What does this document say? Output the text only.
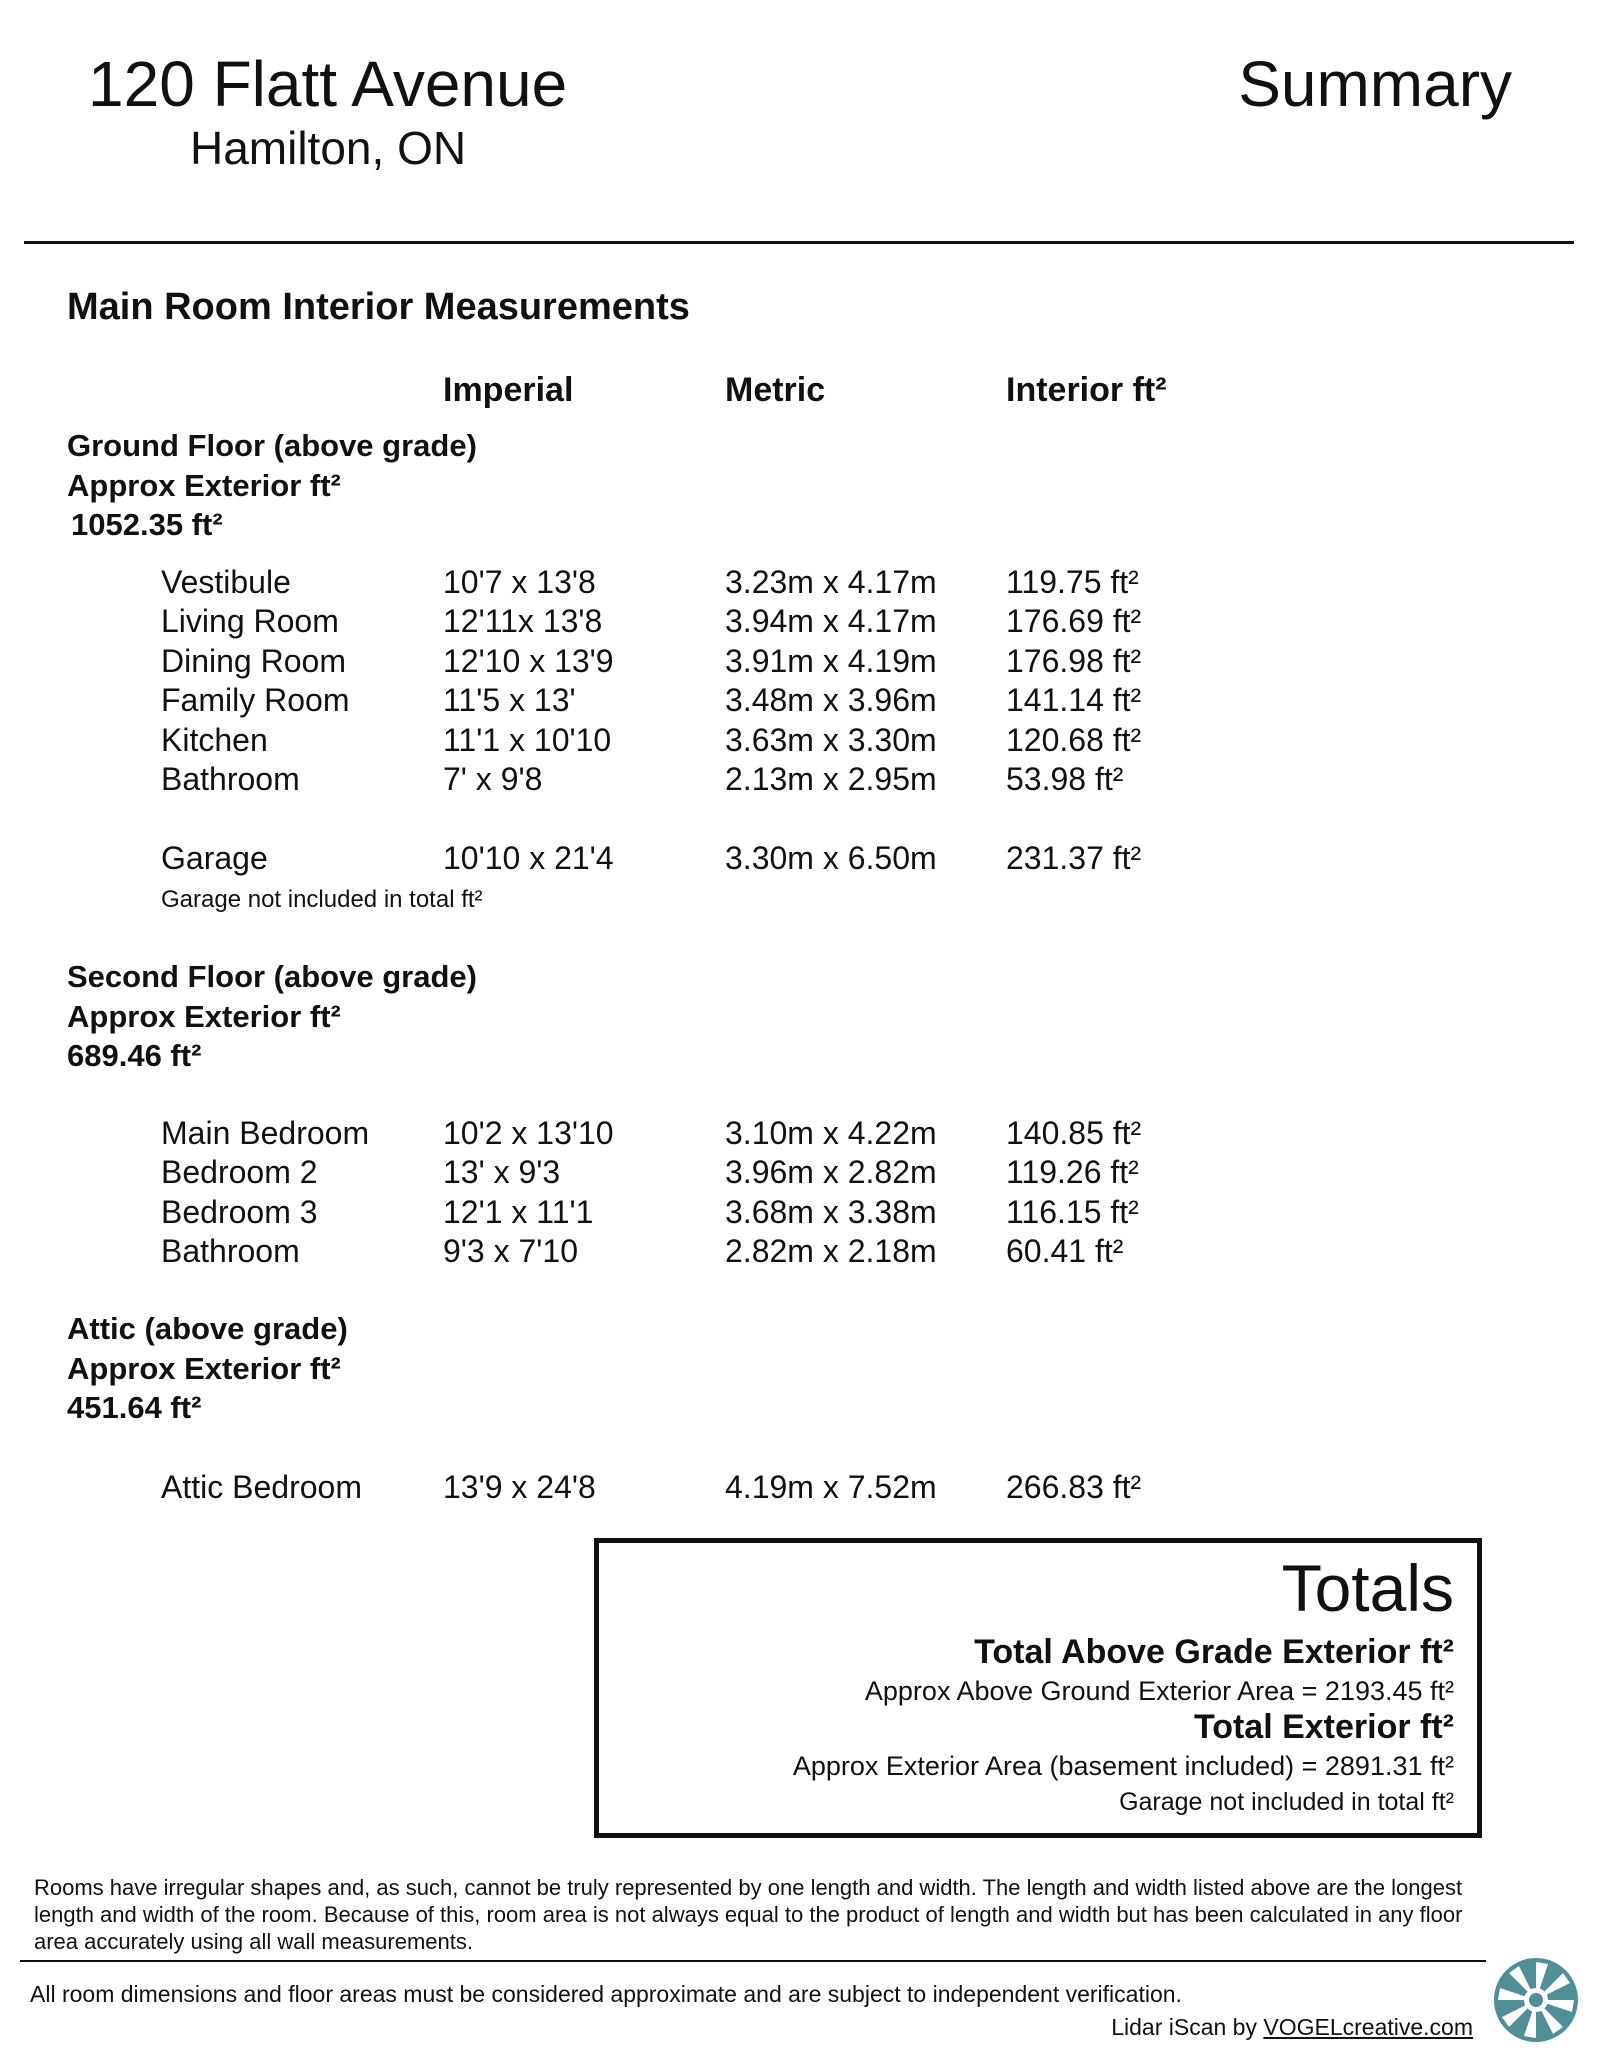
120 Flatt Avenue
Hamilton, ON
Summary
Main Room Interior Measurements
Imperial	Metric	Interior ft²
Ground Floor (above grade)
Approx Exterior ft²
1052.35 ft²
Vestibule	10'7 x 13'8	3.23m x 4.17m 119.75 ft²
Living Room	12'11x 13'8	3.94m x 4.17m 176.69 ft²
Dining Room	12'10 x 13'9	3.91m x 4.19m 176.98 ft²
Family Room	11'5 x 13'	3.48m x 3.96m 141.14 ft²
Kitchen	11'1 x 10'10	3.63m x 3.30m 120.68 ft²
Bathroom	7' x 9'8	2.13m x 2.95m 53.98 ft²
Garage	10'10 x 21'4	3.30m x 6.50m 231.37 ft²
Garage not included in total ft²
Second Floor (above grade)
Approx Exterior ft²
689.46 ft²
Main Bedroom 10'2 x 13'10	3.10m x 4.22m 140.85 ft²
Bedroom 2	13' x 9'3	3.96m x 2.82m 119.26 ft²
Bedroom 3	12'1 x 11'1	3.68m x 3.38m 116.15 ft²
Bathroom	9'3 x 7'10	2.82m x 2.18m 60.41 ft²
Attic (above grade)
Approx Exterior ft²
451.64 ft²
Attic Bedroom	13'9 x 24'8	4.19m x 7.52m 266.83 ft²
Totals
Total Above Grade Exterior ft²
Approx Above Ground Exterior Area = 2193.45 ft²
Total Exterior ft²
Approx Exterior Area (basement included) = 2891.31 ft²
Garage not included in total ft²
Rooms have irregular shapes and, as such, cannot be truly represented by one length and width. The length and width listed above are the longest length and width of the room. Because of this, room area is not always equal to the product of length and width but has been calculated in any floor area accurately using all wall measurements.
All room dimensions and floor areas must be considered approximate and are subject to independent verification.
Lidar iScan by VOGELcreative.com
